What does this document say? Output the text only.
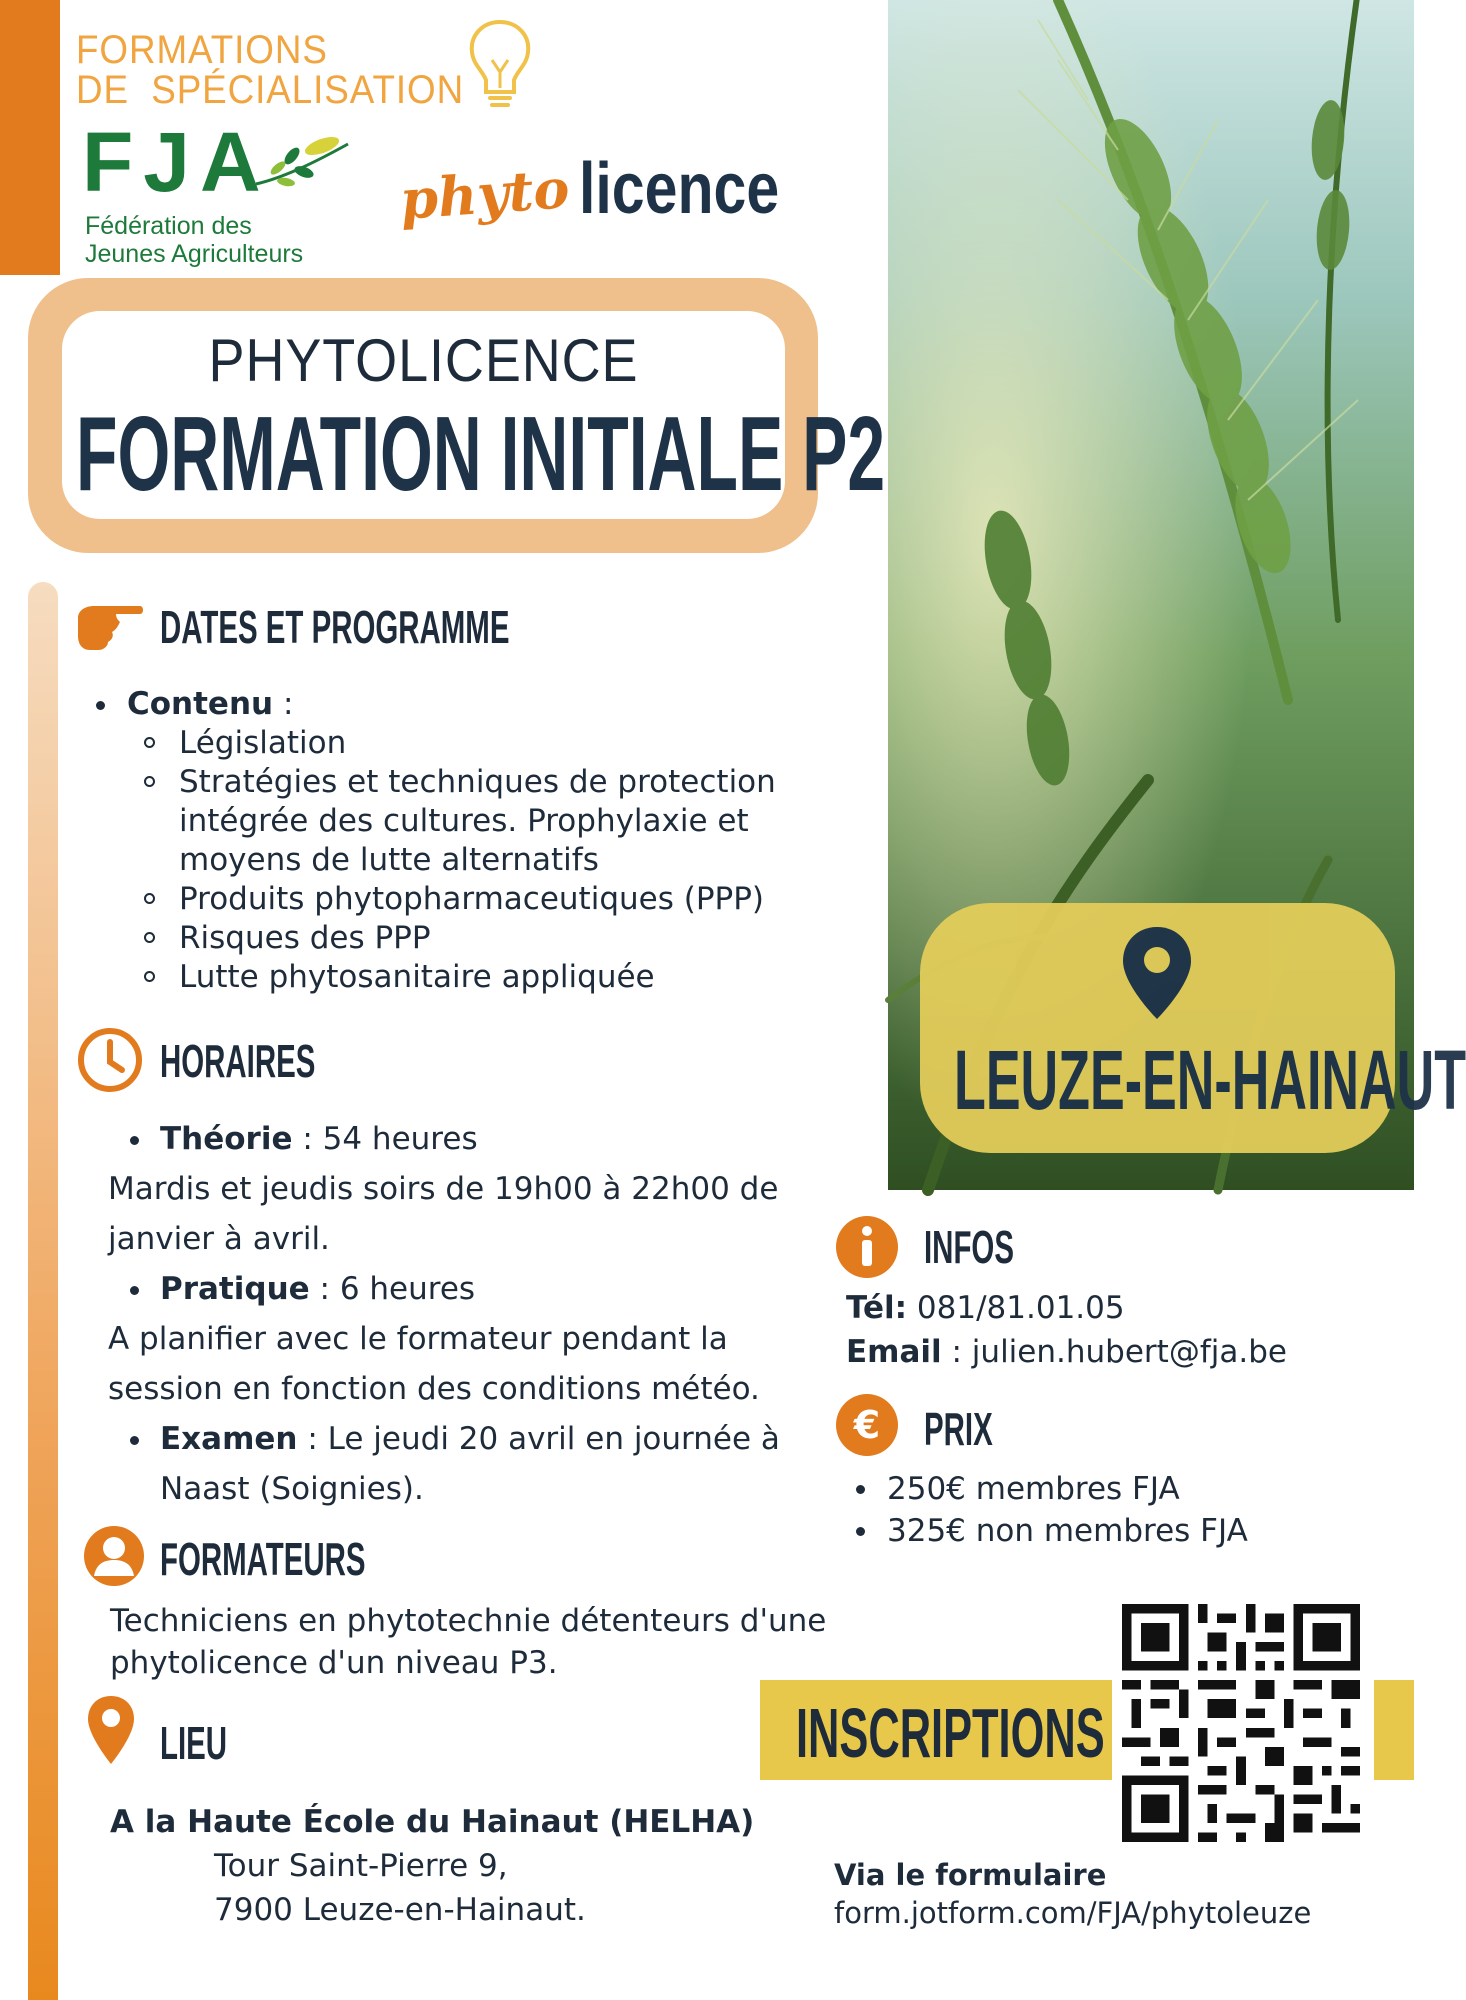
FORMATIONS
DE  SPÉCIALISATION
FJA
Fédération des
Jeunes Agriculteurs
phyto licence
PHYTOLICENCE
FORMATION INITIALE P2
LEUZE-EN-HAINAUT
DATES ET PROGRAMME
Contenu :
Législation
Stratégies et techniques de protection
intégrée des cultures. Prophylaxie et
moyens de lutte alternatifs
Produits phytopharmaceutiques (PPP)
Risques des PPP
Lutte phytosanitaire appliquée
HORAIRES
Théorie : 54 heures
Mardis et jeudis soirs de 19h00 à 22h00 de
janvier à avril.
Pratique : 6 heures
A planifier avec le formateur pendant la
session en fonction des conditions météo.
Examen : Le jeudi 20 avril en journée à
Naast (Soignies).
FORMATEURS
Techniciens en phytotechnie détenteurs d'une
phytolicence d'un niveau P3.
LIEU
A la Haute École du Hainaut (HELHA)
Tour Saint-Pierre 9,
7900 Leuze-en-Hainaut.
INFOS
Tél: 081/81.01.05
Email : julien.hubert@fja.be
€ PRIX
250€ membres FJA
325€ non membres FJA
INSCRIPTIONS
Via le formulaire
form.jotform.com/FJA/phytoleuze
